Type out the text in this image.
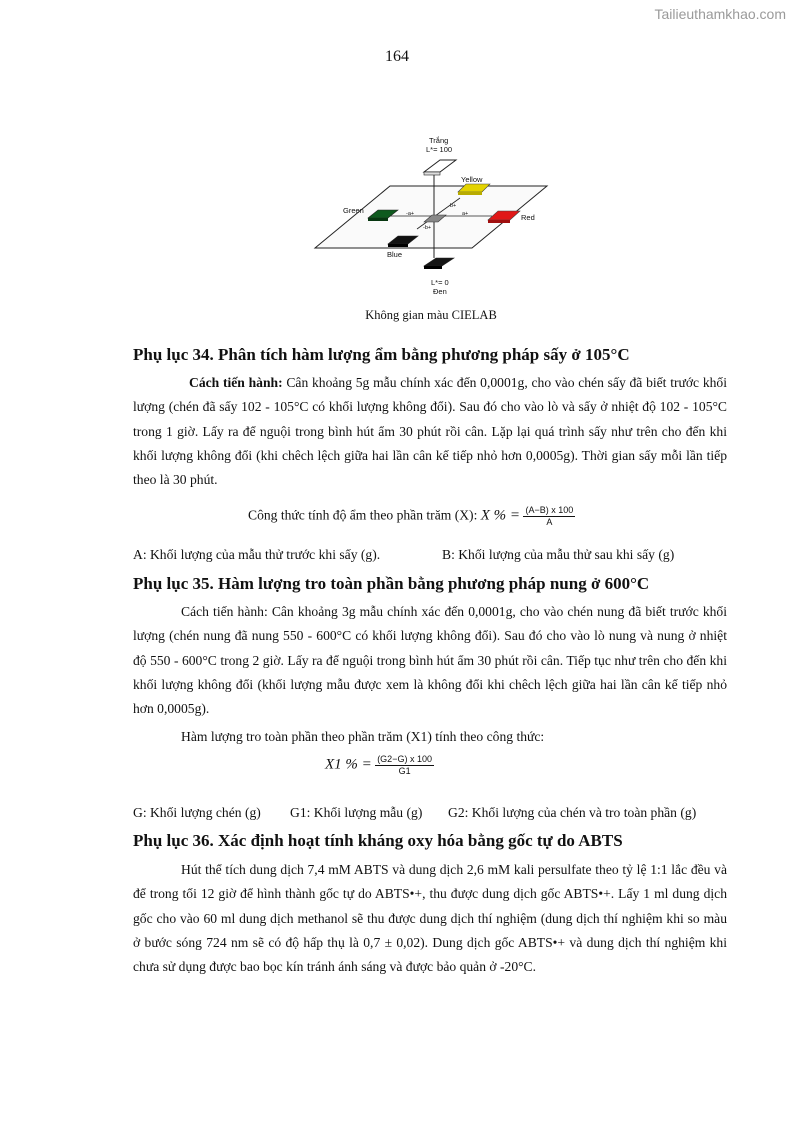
Tailieuthamkhao.com
164
Trắng
L*= 100
Yellow
Green
Red
Blue
L*= 0
Đen
b+
-b+
a+
-a+
Không gian màu CIELAB
Phụ lục 34. Phân tích hàm lượng ẩm bằng phương pháp sấy ở 105°C

Cách tiến hành: Cân khoảng 5g mẫu chính xác đến 0,0001g, cho vào chén sấy đã biết trước khối lượng (chén đã sấy 102 - 105°C có khối lượng không đổi). Sau đó cho vào lò và sấy ở nhiệt độ 102 - 105°C trong 1 giờ. Lấy ra để nguội trong bình hút ẩm 30 phút rồi cân. Lặp lại quá trình sấy như trên cho đến khi khối lượng không đổi (khi chêch lệch giữa hai lần cân kế tiếp nhỏ hơn 0,0005g). Thời gian sấy mỗi lần tiếp theo là 30 phút.

Công thức tính độ ẩm theo phần trăm (X): X % = $\frac{(A-B) x 100}{A}$
A: Khối lượng của mẫu thử trước khi sấy (g).	B: Khối lượng của mẫu thử sau khi sấy (g)
Phụ lục 35. Hàm lượng tro toàn phần bằng phương pháp nung ở 600°C

Cách tiến hành: Cân khoảng 3g mẫu chính xác đến 0,0001g, cho vào chén nung đã biết trước khối lượng (chén nung đã nung 550 - 600°C có khối lượng không đổi). Sau đó cho vào lò nung và nung ở nhiệt độ 550 - 600°C trong 2 giờ. Lấy ra để nguội trong bình hút ẩm 30 phút rồi cân. Tiếp tục như trên cho đến khi khối lượng không đổi (khối lượng mẫu được xem là không đổi khi chêch lệch giữa hai lần cân kế tiếp nhỏ hơn 0,0005g).

Hàm lượng tro toàn phần theo phần trăm (X1) tính theo công thức:
X1 % = $\frac{(G2-G) x 100}{G1}$
G: Khối lượng chén (g) G1: Khối lượng mẫu (g) G2: Khối lượng của chén và tro toàn phần (g)
Phụ lục 36. Xác định hoạt tính kháng oxy hóa bằng gốc tự do ABTS

Hút thể tích dung dịch 7,4 mM ABTS và dung dịch 2,6 mM kali persulfate theo tỷ lệ 1:1 lắc đều và để trong tối 12 giờ để hình thành gốc tự do ABTS•+, thu được dung dịch gốc ABTS•+. Lấy 1 ml dung dịch gốc cho vào 60 ml dung dịch methanol sẽ thu được dung dịch thí nghiệm (dung dịch thí nghiệm khi so màu ở bước sóng 724 nm sẽ có độ hấp thụ là 0,7 ± 0,02). Dung dịch gốc ABTS•+ và dung dịch thí nghiệm khi chưa sử dụng được bao bọc kín tránh ánh sáng và được bảo quản ở -20°C.
